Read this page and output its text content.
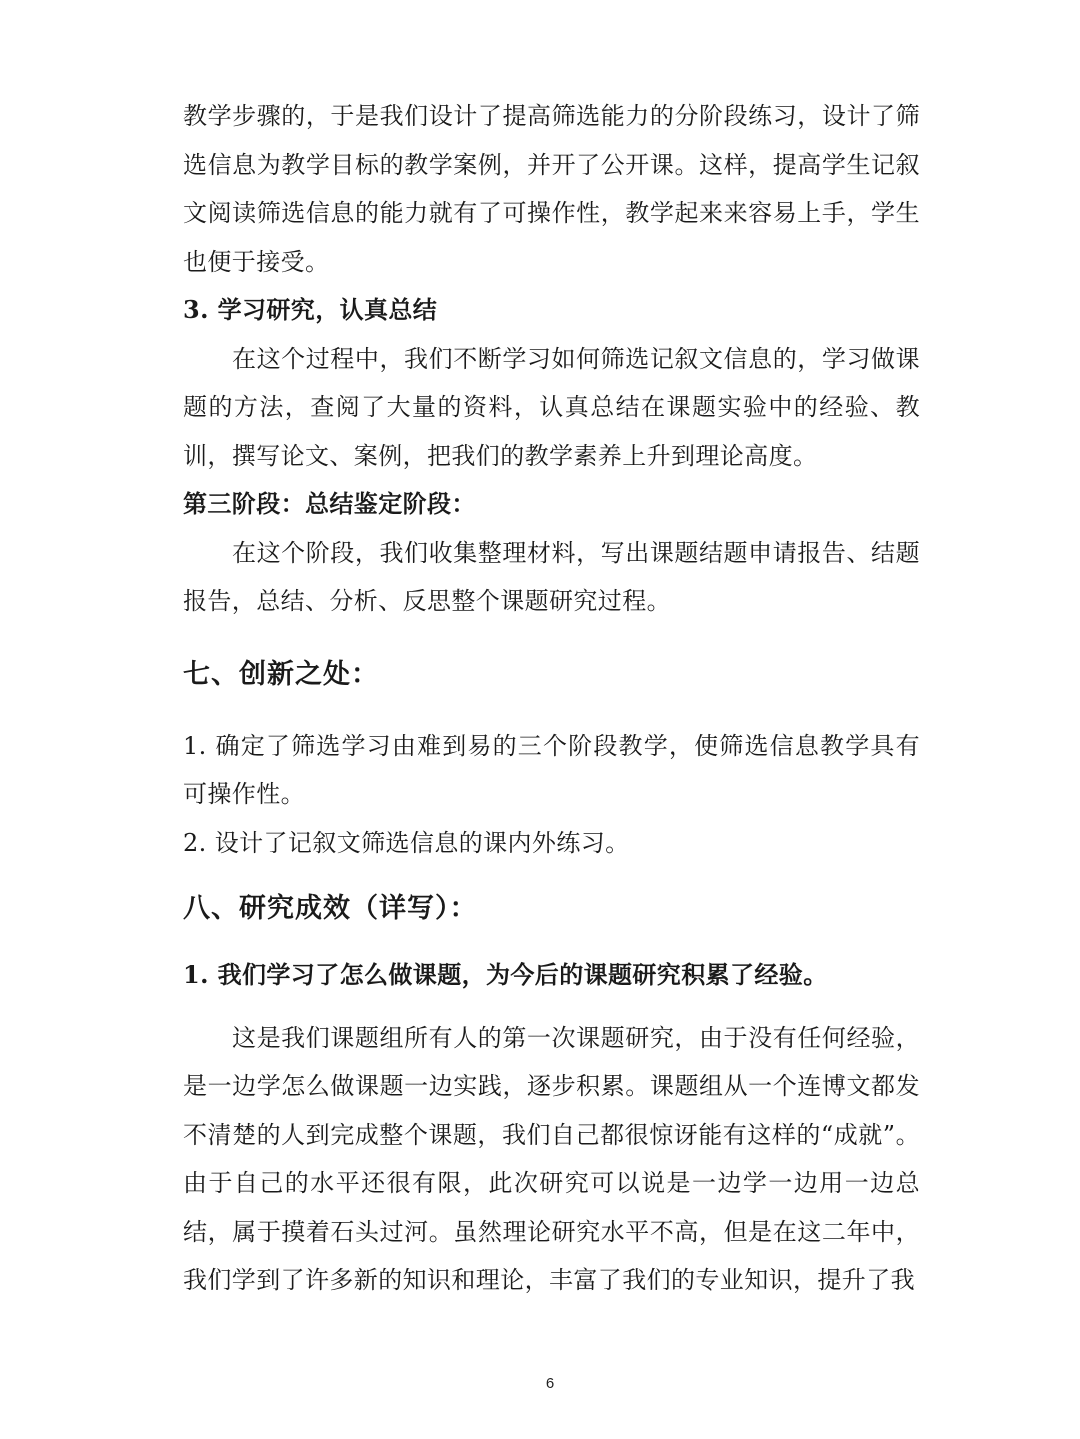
教学步骤的，于是我们设计了提高筛选能力的分阶段练习，设计了筛选信息为教学目标的教学案例，并开了公开课。这样，提高学生记叙文阅读筛选信息的能力就有了可操作性，教学起来来容易上手，学生也便于接受。

3. 学习研究，认真总结

在这个过程中，我们不断学习如何筛选记叙文信息的，学习做课题的方法，查阅了大量的资料，认真总结在课题实验中的经验、教训，撰写论文、案例，把我们的教学素养上升到理论高度。

第三阶段：总结鉴定阶段：

在这个阶段，我们收集整理材料，写出课题结题申请报告、结题报告，总结、分析、反思整个课题研究过程。

七、创新之处：

1. 确定了筛选学习由难到易的三个阶段教学，使筛选信息教学具有可操作性。

2. 设计了记叙文筛选信息的课内外练习。

八、研究成效（详写）：

1. 我们学习了怎么做课题，为今后的课题研究积累了经验。

这是我们课题组所有人的第一次课题研究，由于没有任何经验，是一边学怎么做课题一边实践，逐步积累。课题组从一个连博文都发不清楚的人到完成整个课题，我们自己都很惊讶能有这样的“成就”。由于自己的水平还很有限，此次研究可以说是一边学一边用一边总结，属于摸着石头过河。虽然理论研究水平不高，但是在这二年中，我们学到了许多新的知识和理论，丰富了我们的专业知识，提升了我

6
